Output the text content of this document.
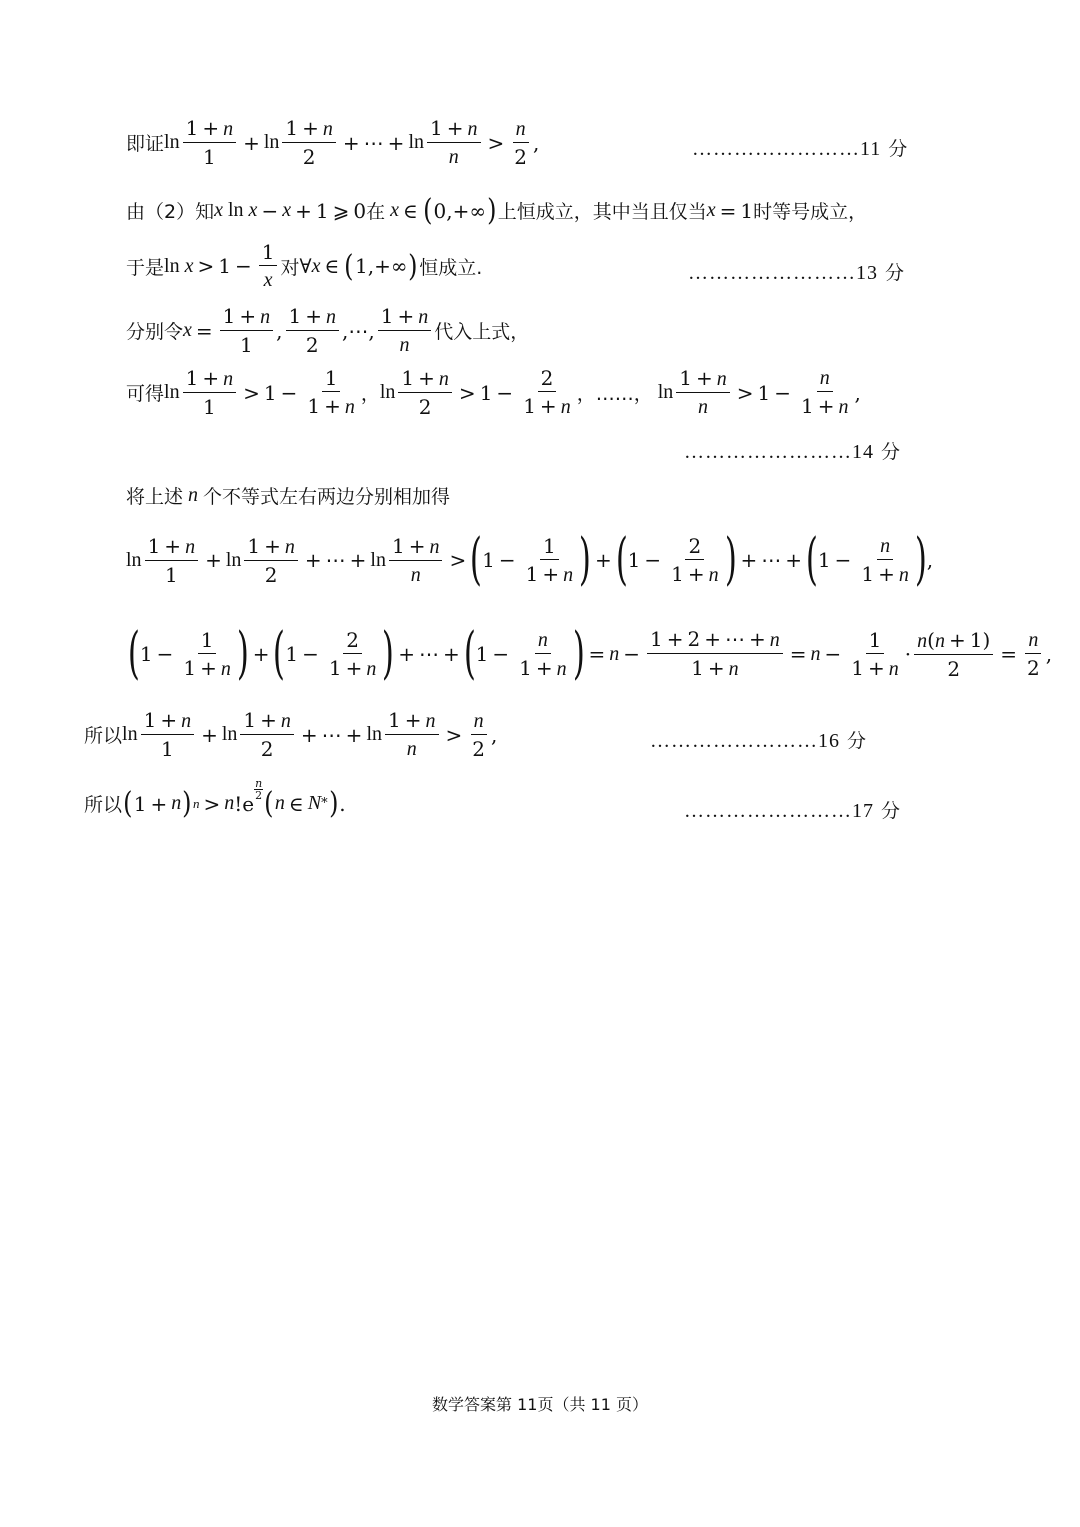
即证 $\ln \frac{1 + n}{1} + \ln \frac{1 + n}{2}$ + ⋯ + $\ln \frac{1 + n}{n} > \frac{n}{2}$ ,	……………………11 分
由（2）知 x ln x − x + 1 ⩾ 0 在 x ∈ ( 0,+∞ ) 上恒成立，其中当且仅当 x = 1 时等号成立，
于是 $\ln x > 1 - \frac{1}{x}$ 对 ∀ x ∈ ( 1,+∞ ) 恒成立.	……………………13 分
分别令 $x = \frac{1 + n}{1}$ , $\frac{1 + n}{2}$ ,⋯, $\frac{1 + n}{n}$ 代入上式，
可得 $\ln \frac{1 + n}{1} > 1 - \frac{1}{1 + n}$ ， $\ln \frac{1 + n}{2} > 1 - \frac{2}{1 + n}$ ， ……， $\ln \frac{1 + n}{n} > 1 - \frac{n}{1 + n}$ ,
……………………14 分
将上述 n 个不等式左右两边分别相加得
$\ln \frac{1 + n}{1} + \ln \frac{1 + n}{2}$ + ⋯ + $\ln \frac{1 + n}{n}$ > ( $1 - \frac{1}{1 + n}$ ) + ( $1 - \frac{2}{1 + n}$ ) + ⋯ + ( $1 - \frac{n}{1 + n}$ ) ,
( $1 - \frac{1}{1 + n}$ ) + ( $1 - \frac{2}{1 + n}$ ) + ⋯ + ( $1 - \frac{n}{1 + n}$ ) = $n - \frac{1 + 2 + \cdots + n}{1 + n} = n - \frac{1}{1 + n} \cdot \frac{n(n + 1)}{2} = \frac{n}{2}$ ,
所以 $\ln \frac{1 + n}{1} + \ln \frac{1 + n}{2}$ + ⋯ + $\ln \frac{1 + n}{n} > \frac{n}{2}$ ,	……………………16 分
所以 ( 1 + n ) n > n !e
n
2 ( n ∈ N * ) .	……………………17 分
数学答案第 11页（共 11 页）
